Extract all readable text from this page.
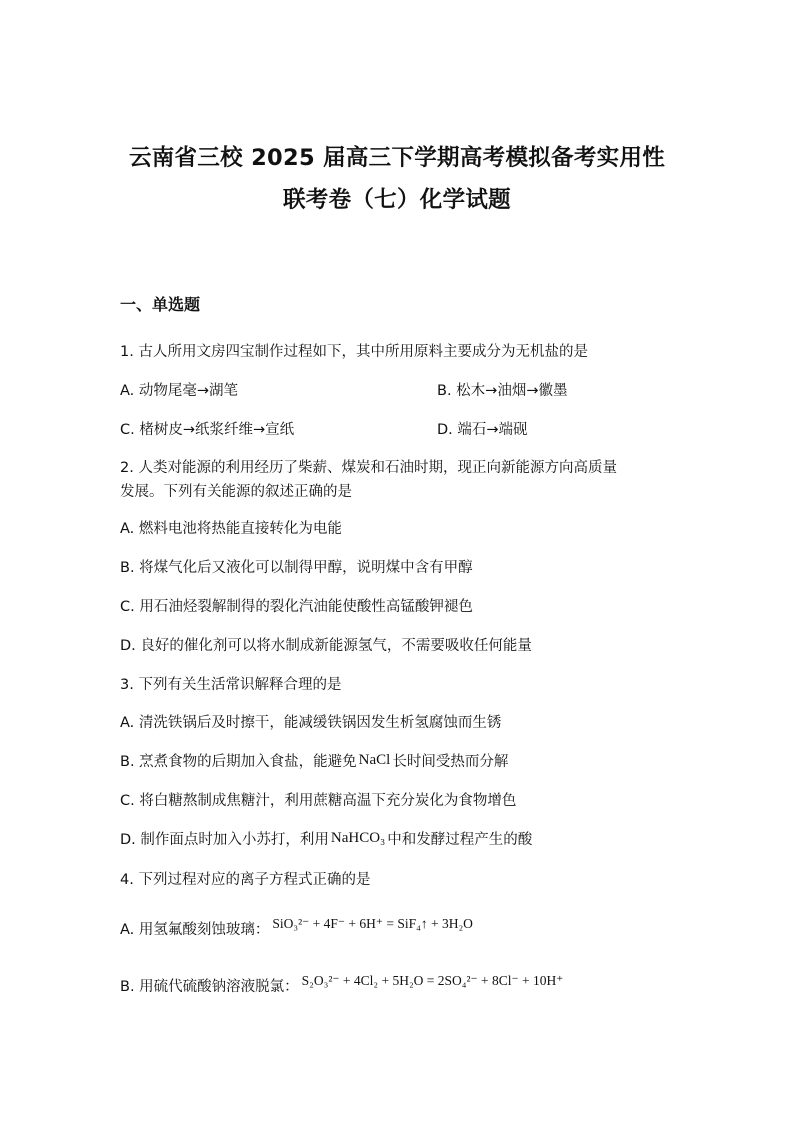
云南省三校 2025 届高三下学期高考模拟备考实用性
联考卷（七）化学试题
一、单选题
1. 古人所用文房四宝制作过程如下，其中所用原料主要成分为无机盐的是
A. 动物尾毫→湖笔	B. 松木→油烟→徽墨
C. 楮树皮→纸浆纤维→宣纸	D. 端石→端砚
2. 人类对能源的利用经历了柴薪、煤炭和石油时期，现正向新能源方向高质量
发展。下列有关能源的叙述正确的是
A. 燃料电池将热能直接转化为电能
B. 将煤气化后又液化可以制得甲醇，说明煤中含有甲醇
C. 用石油烃裂解制得的裂化汽油能使酸性高锰酸钾褪色
D. 良好的催化剂可以将水制成新能源氢气，不需要吸收任何能量
3. 下列有关生活常识解释合理的是
A. 清洗铁锅后及时擦干，能减缓铁锅因发生析氢腐蚀而生锈
B. 烹煮食物的后期加入食盐，能避免 NaCl 长时间受热而分解
C. 将白糖熬制成焦糖汁，利用蔗糖高温下充分炭化为食物增色
D. 制作面点时加入小苏打，利用 NaHCO₃ 中和发酵过程产生的酸
4. 下列过程对应的离子方程式正确的是
A. 用氢氟酸刻蚀玻璃： SiO₃²⁻ + 4F⁻ + 6H⁺ = SiF₄↑ + 3H₂O
B. 用硫代硫酸钠溶液脱氯： S₂O₃²⁻ + 4Cl₂ + 5H₂O = 2SO₄²⁻ + 8Cl⁻ + 10H⁺
